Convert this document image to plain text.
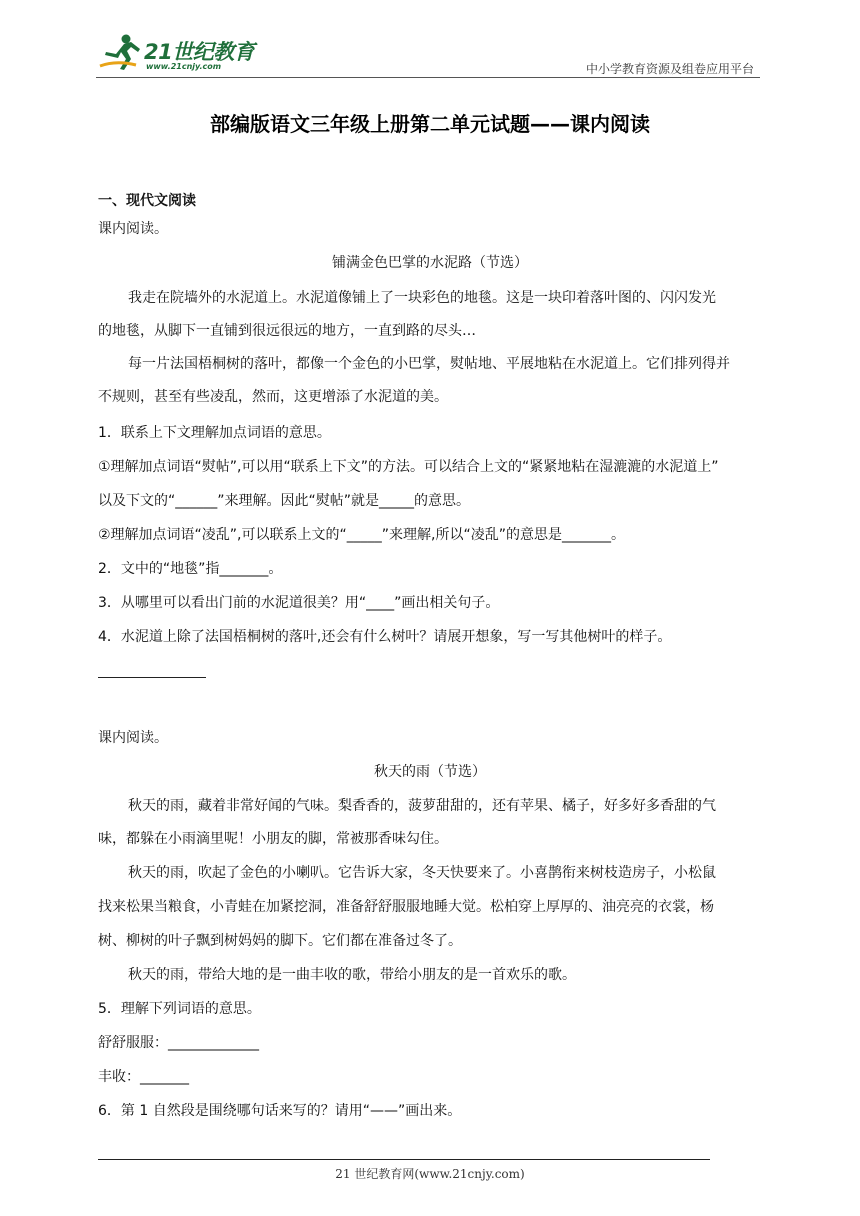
21世纪教育
www.21cnjy.com	中小学教育资源及组卷应用平台
部编版语文三年级上册第二单元试题——课内阅读
一、现代文阅读
课内阅读。
铺满金色巴掌的水泥路（节选）
我走在院墙外的水泥道上。水泥道像铺上了一块彩色的地毯。这是一块印着落叶图的、闪闪发光
的地毯，从脚下一直铺到很远很远的地方，一直到路的尽头…
每一片法国梧桐树的落叶，都像一个金色的小巴掌，熨帖地、平展地粘在水泥道上。它们排列得并
不规则，甚至有些凌乱，然而，这更增添了水泥道的美。
1．联系上下文理解加点词语的意思。
①理解加点词语“熨帖”,可以用“联系上下文”的方法。可以结合上文的“紧紧地粘在湿漉漉的水泥道上”
以及下文的“______”来理解。因此“熨帖”就是_____的意思。
②理解加点词语“凌乱”,可以联系上文的“_____”来理解,所以“凌乱”的意思是_______。
2．文中的“地毯”指_______。
3．从哪里可以看出门前的水泥道很美？用“____”画出相关句子。
4．水泥道上除了法国梧桐树的落叶,还会有什么树叶？请展开想象，写一写其他树叶的样子。
课内阅读。
秋天的雨（节选）
秋天的雨，藏着非常好闻的气味。梨香香的，菠萝甜甜的，还有苹果、橘子，好多好多香甜的气
味，都躲在小雨滴里呢！小朋友的脚，常被那香味勾住。
秋天的雨，吹起了金色的小喇叭。它告诉大家，冬天快要来了。小喜鹊衔来树枝造房子，小松鼠
找来松果当粮食，小青蛙在加紧挖洞，准备舒舒服服地睡大觉。松柏穿上厚厚的、油亮亮的衣裳，杨
树、柳树的叶子飘到树妈妈的脚下。它们都在准备过冬了。
秋天的雨，带给大地的是一曲丰收的歌，带给小朋友的是一首欢乐的歌。
5．理解下列词语的意思。
舒舒服服：_____________
丰收：_______
6．第 1 自然段是围绕哪句话来写的？请用“——”画出来。
21 世纪教育网(www.21cnjy.com)
